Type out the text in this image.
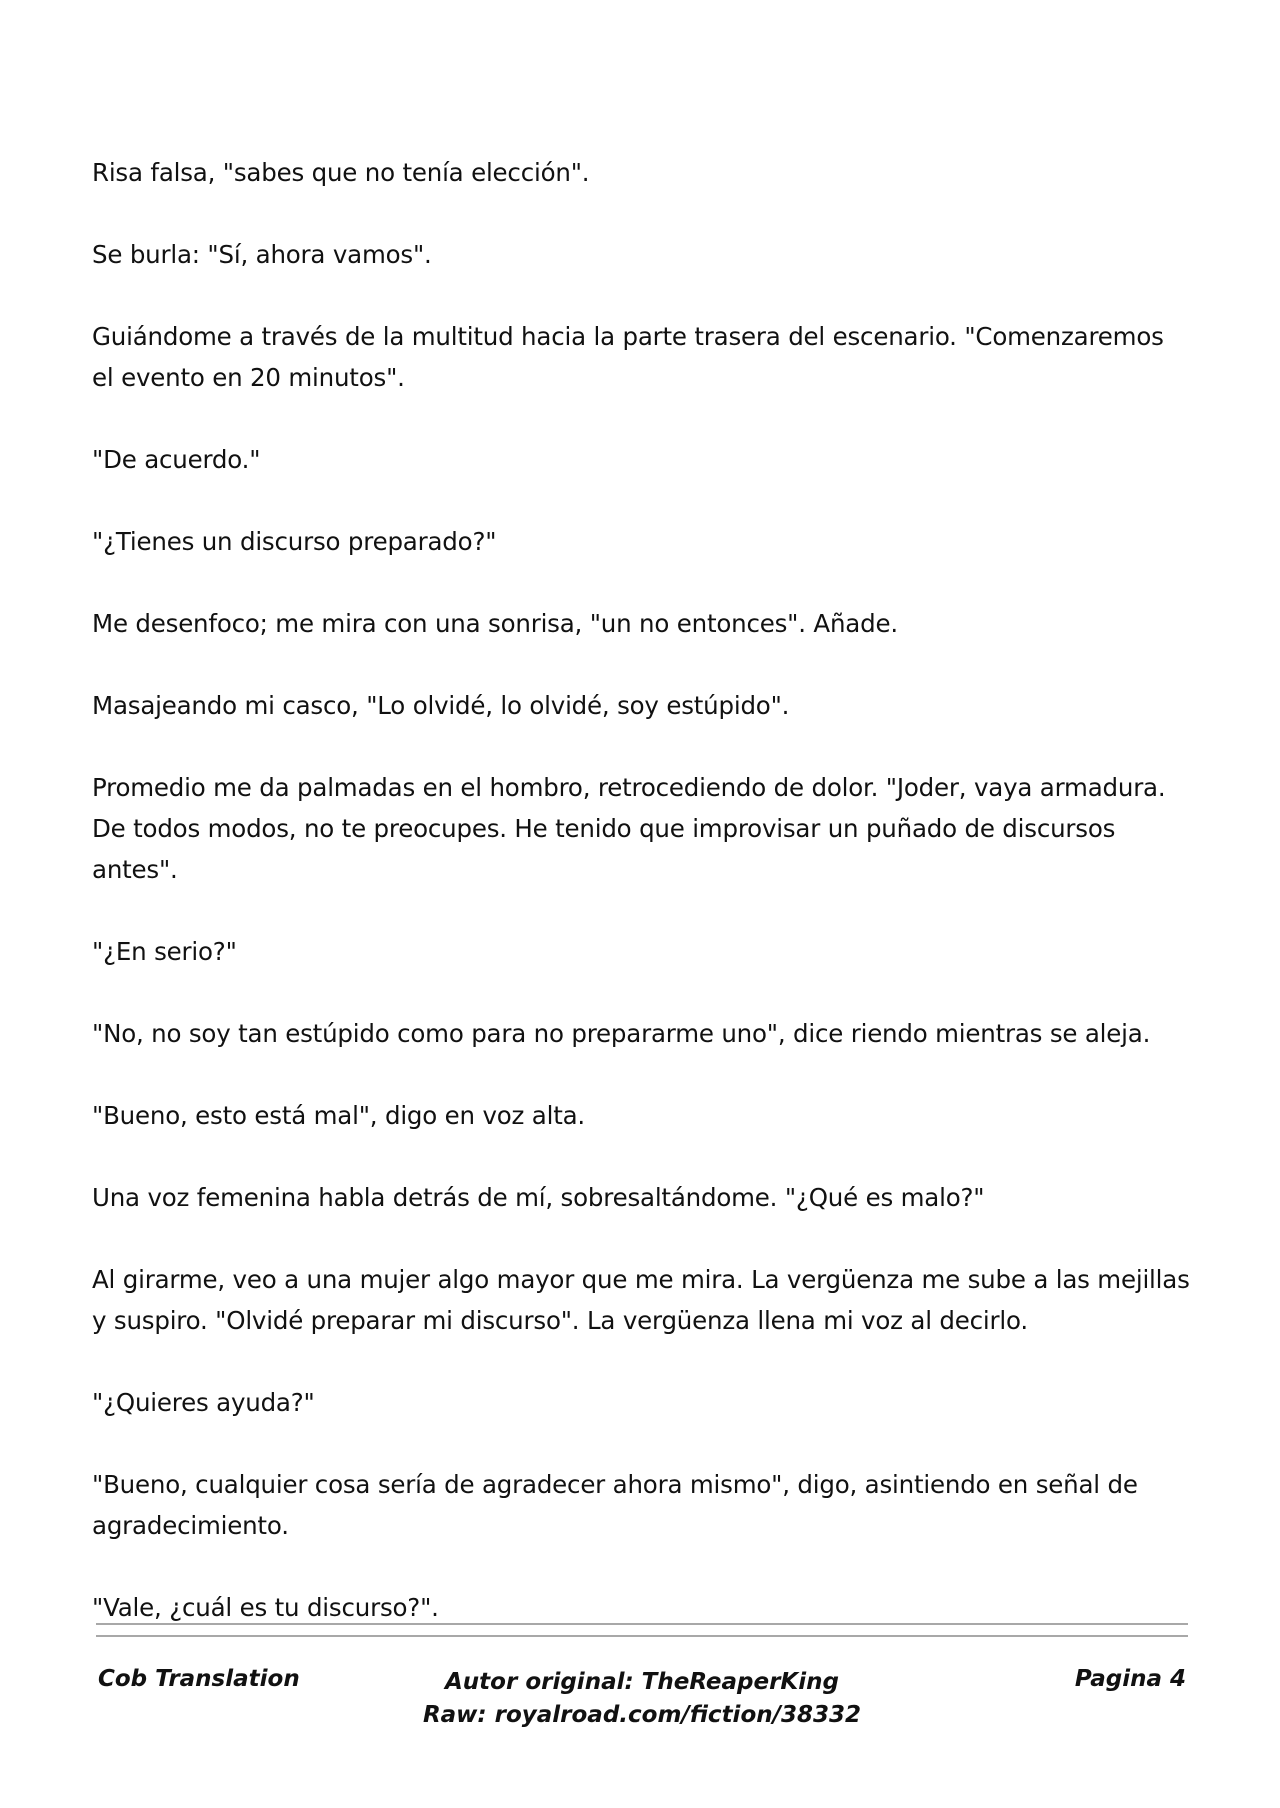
Risa falsa, "sabes que no tenía elección".

Se burla: "Sí, ahora vamos".

Guiándome a través de la multitud hacia la parte trasera del escenario. "Comenzaremos el evento en 20 minutos".

"De acuerdo."

"¿Tienes un discurso preparado?"

Me desenfoco; me mira con una sonrisa, "un no entonces". Añade.

Masajeando mi casco, "Lo olvidé, lo olvidé, soy estúpido".

Promedio me da palmadas en el hombro, retrocediendo de dolor. "Joder, vaya armadura. De todos modos, no te preocupes. He tenido que improvisar un puñado de discursos antes".

"¿En serio?"

"No, no soy tan estúpido como para no prepararme uno", dice riendo mientras se aleja.

"Bueno, esto está mal", digo en voz alta.

Una voz femenina habla detrás de mí, sobresaltándome. "¿Qué es malo?"

Al girarme, veo a una mujer algo mayor que me mira. La vergüenza me sube a las mejillas y suspiro. "Olvidé preparar mi discurso". La vergüenza llena mi voz al decirlo.

"¿Quieres ayuda?"

"Bueno, cualquier cosa sería de agradecer ahora mismo", digo, asintiendo en señal de agradecimiento.

"Vale, ¿cuál es tu discurso?".

Cob Translation	Autor original: TheReaperKing
Raw: royalroad.com/fiction/38332
Pagina 4
